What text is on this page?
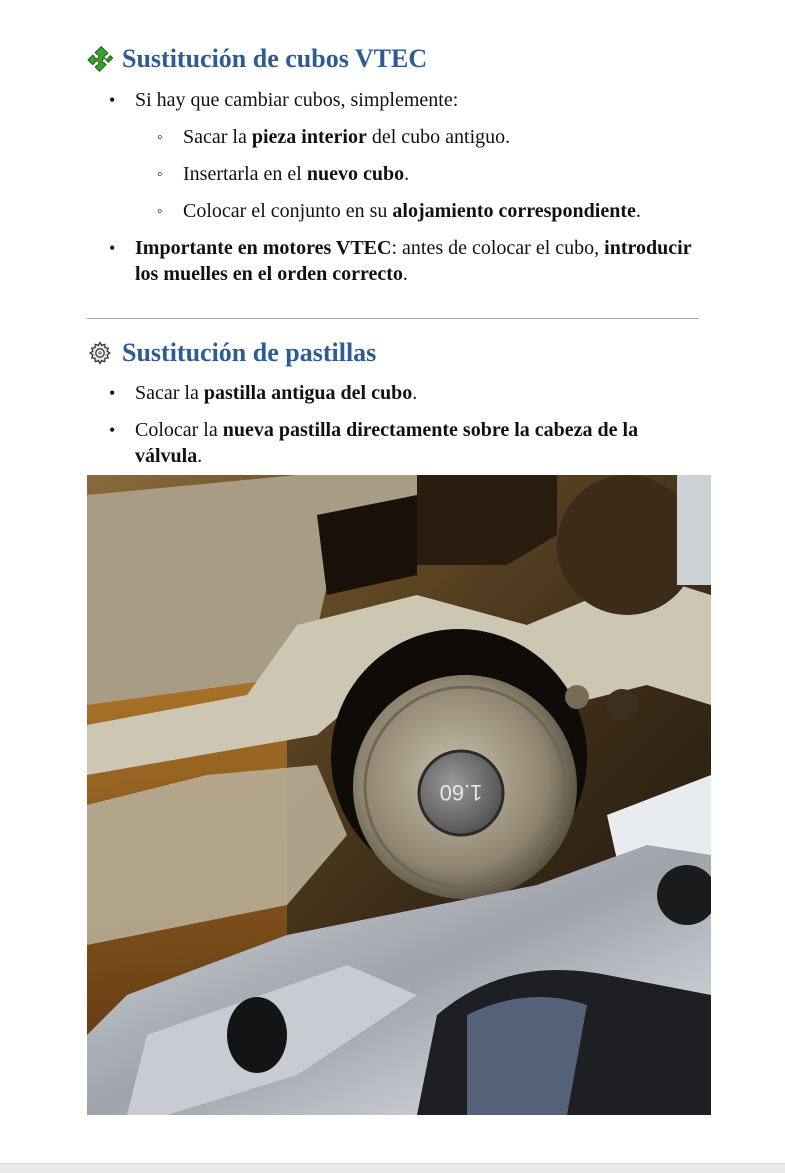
Sustitución de cubos VTEC
• Si hay que cambiar cubos, simplemente:
◦ Sacar la pieza interior del cubo antiguo.
◦ Insertarla en el nuevo cubo.
◦ Colocar el conjunto en su alojamiento correspondiente.
• Importante en motores VTEC: antes de colocar el cubo, introducir los muelles en el orden correcto.
Sustitución de pastillas
• Sacar la pastilla antigua del cubo.
• Colocar la nueva pastilla directamente sobre la cabeza de la válvula.
1.60
